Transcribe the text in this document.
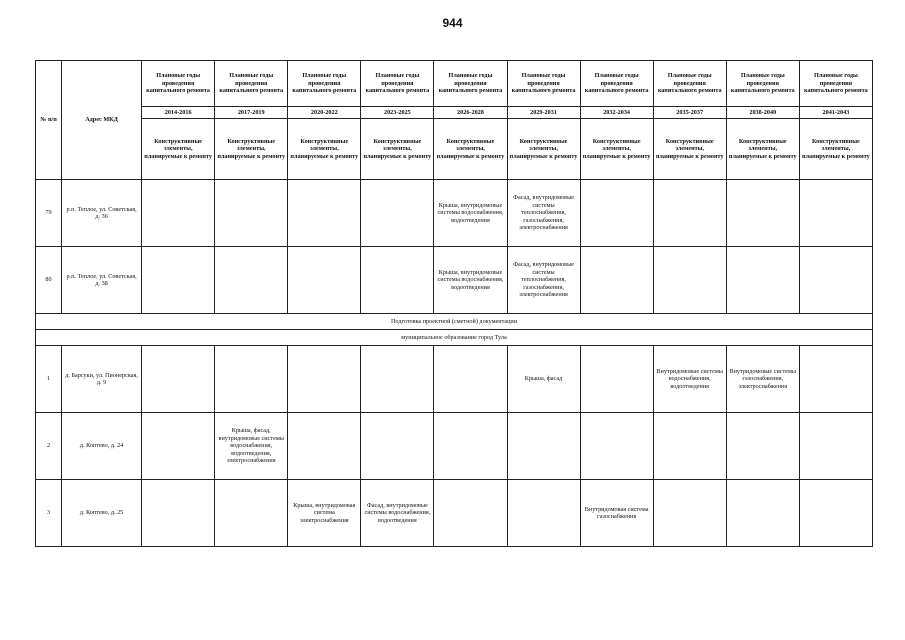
944
№ п/п	Адрес МКД	Плановые годы проведения капитального ремонта	Плановые годы проведения капитального ремонта	Плановые годы проведения капитального ремонта	Плановые годы проведения капитального ремонта	Плановые годы проведения капитального ремонта	Плановые годы проведения капитального ремонта	Плановые годы проведения капитального ремонта	Плановые годы проведения капитального ремонта	Плановые годы проведения капитального ремонта	Плановые годы проведения капитального ремонта
		2014-2016	2017-2019	2020-2022	2023-2025	2026-2028	2029-2031	2032-2034	2035-2037	2038-2040	2041-2043
		Конструктивные элементы, планируемые к ремонту	Конструктивные элементы, планируемые к ремонту	Конструктивные элементы, планируемые к ремонту	Конструктивные элементы, планируемые к ремонту	Конструктивные элементы, планируемые к ремонту	Конструктивные элементы, планируемые к ремонту	Конструктивные элементы, планируемые к ремонту	Конструктивные элементы, планируемые к ремонту	Конструктивные элементы, планируемые к ремонту	Конструктивные элементы, планируемые к ремонту
79	р.п. Теплое, ул. Советская, д. 36					Крыша, внутридомовые системы водоснабжения, водоотведения	Фасад, внутридомовые системы теплоснабжения, газоснабжения, электроснабжения				
80	р.п. Теплое, ул. Советская, д. 38					Крыша, внутридомовые системы водоснабжения, водоотведения	Фасад, внутридомовые системы теплоснабжения, газоснабжения, электроснабжения				
Подготовка проектной (сметной) документации											
муниципальное образование город Тула											
1	д. Барсуки, ул. Пионерская, д. 9						Крыша, фасад		Внутридомовые системы водоснабжения, водоотведения	Внутридомовые системы газоснабжения, электроснабжения	
2	д. Коптево, д. 24		Крыша, фасад, внутридомовые системы водоснабжения, водоотведения, электроснабжения								
3	д. Коптево, д. 25			Крыша, внутридомовая система электроснабжения	Фасад, внутридомовые системы водоснабжения, водоотведения			Внутридомовая система газоснабжения			
